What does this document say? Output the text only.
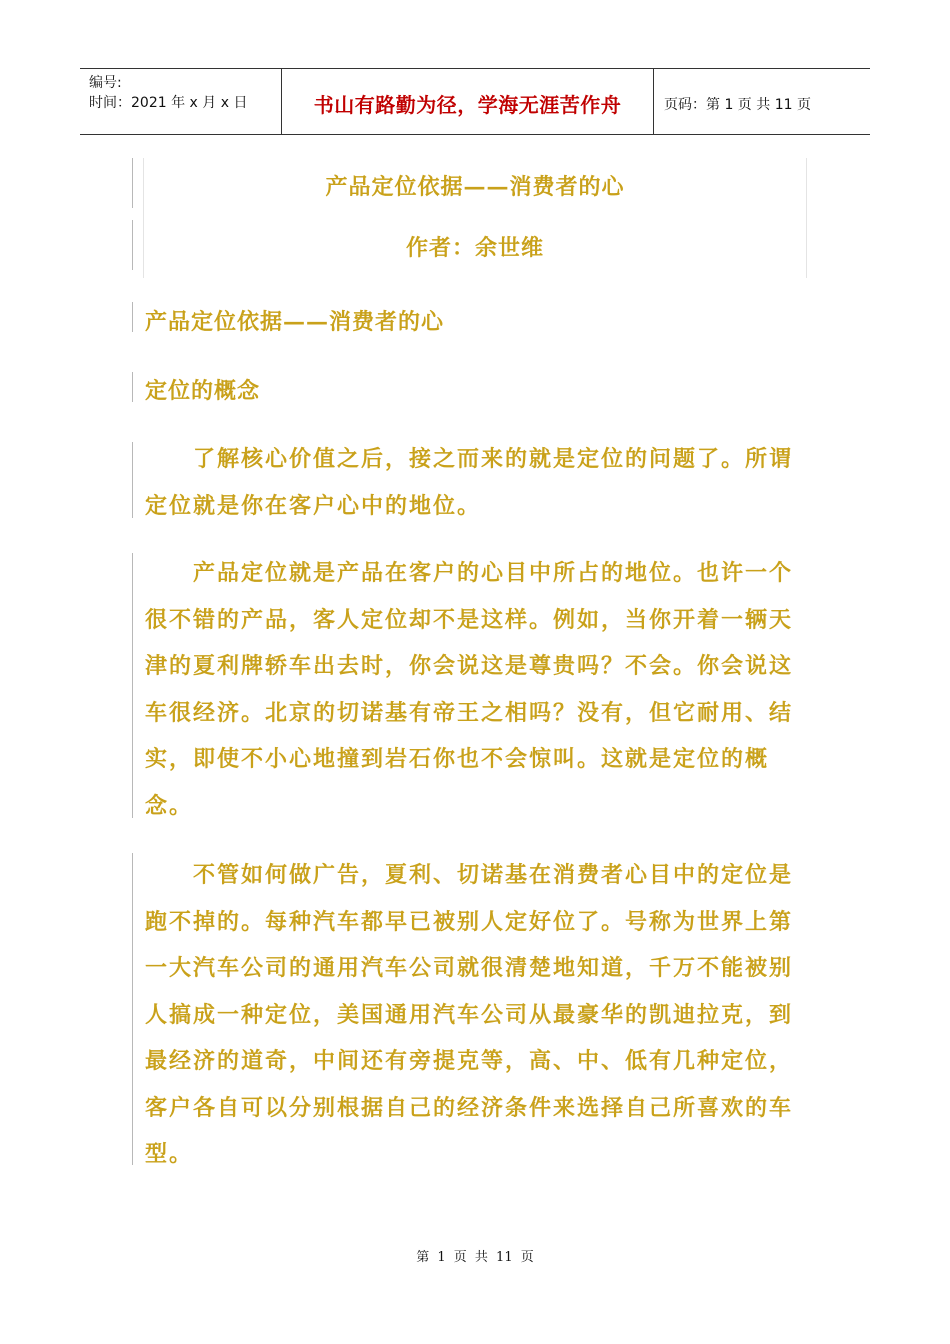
编号:
时间：2021 年 x 月 x 日	书山有路勤为径，学海无涯苦作舟	页码：第 1 页 共 11 页
产品定位依据——消费者的心
作者：余世维
产品定位依据——消费者的心
定位的概念

了解核心价值之后，接之而来的就是定位的问题了。所谓定位就是你在客户心中的地位。

产品定位就是产品在客户的心目中所占的地位。也许一个很不错的产品，客人定位却不是这样。例如，当你开着一辆天津的夏利牌轿车出去时，你会说这是尊贵吗？不会。你会说这车很经济。北京的切诺基有帝王之相吗？没有，但它耐用、结实，即使不小心地撞到岩石你也不会惊叫。这就是定位的概念。

不管如何做广告，夏利、切诺基在消费者心目中的定位是跑不掉的。每种汽车都早已被别人定好位了。号称为世界上第一大汽车公司的通用汽车公司就很清楚地知道，千万不能被别人搞成一种定位，美国通用汽车公司从最豪华的凯迪拉克，到最经济的道奇，中间还有旁提克等，高、中、低有几种定位，客户各自可以分别根据自己的经济条件来选择自己所喜欢的车型。

第 1 页 共 11 页
